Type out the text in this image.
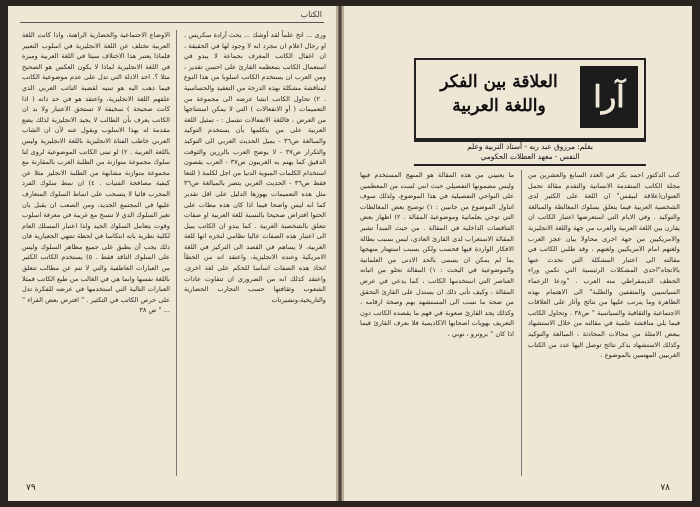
الكتاب

ورى ... اتخ علماً لقد أوشك ... بحث أرادة سكريس . او رجال اعلام ان مجرد انه لا وجود لها في الحقيقة ، ان اغفال الكاتب المعرف بجماعة لا يبدو في استعمال الكاتب بمعظمه القارئ على احسن تقدير ، ومن العرب ان يستخدم الكاتب اسلوبا من هذا النوع لمناقشة مشكلة بهذه الدرجة من التعقيد والحساسية . ٢) تحاول الكاتب انشا عرضه الى مجموعة من التعميمات ( أو الانفعالات ) التي لا يمكن استنتاجها من العرض ، فاللغة الانفعالات تشمل : - تمثيل اللغة العربية على من يتكلمها بأن يستخدم التوكيد والمبالغة ص٣٦ - يميل الحديث العربي الى التوكيد والتكرار ص٣٧ - لا يوضح العرب بالرزين والثوقت الدقيق كما يهتم به الغربيون ص٣٧ - العرب يقصون استخدام الكلمات المبوية الدنيا من اجل لكلمة ( للتعا فقط ص٣٦ - الحديث العربي يتصر بالمبالغة ص٣٦ مثل هذه التعميمات يهوزها الدليل على اقل تقدير كما انه ليس واضحا فيما اذا كان هذه مطات على الحتوا افتراض صحيحا بالنسبة للغة العربية او صفات تتعلق بالشخصية العربية . كما يبدو ان الكاتب يبيل الى اعتبار هذه الصفات عاليا نظامي لنخزه اتها للغة العربية، لا يساهم في القصد الى التركيز في اللغة الامريكية وعنده الانجليزية، واعتقد انه من الخطأ اتخاذ هذه الصفات اساسا للحكم على لغة اخرى، واعتقد كذلك انه من الضروري ان تتفاوت عادات الشعوب وثقافتها حسب التجارب الحضارية والتاريخية،وتشيرنات

الاوضاع الاجتماعية والحضارية الراهنة، واذا كانت اللغة العربية تختلف عن اللغة الانجليزية في اسلوب التعبير فلماذا يعتبر هذا الاختلاف سيئا في اللغة العربية وميزة في اللغة الانجليزية لماذا لا يكون العكس هو الصحيح مثلا ؟. احد الادلة التي تدل على عدم موضوعية الكاتب فيما ذهب اليه هو تبنيه لقضية النائب العربي الذي علقهم اللغة الانجليزية، واعتقد هو في حد ذاته ( اذا كانت صحيحة ) سخيفة لا تستحق الاعتبار ولا بد ان الكاتب يعرف بأن الطالب لا يجيد الانجليزية لذلك يضع مقدمة له بهذا الاسلوب ويقول عنه لأن ان الشاب العربي خاطب الفتاة الانجليزية باللغة الانجليزية وليس باللغة العربية . ٢) لو تبنى الكاتب الموضوعية لروى لنا سلوك مجموعة متوازنة من الطلبة العرب بالمقارنة مع مجموعة متوازنة مشابهة من الطلبة الانجليز مثلا عن كيفية مصافحة الفتيات . ٤) ان نمط سلوك الفرد المجرب قائيا لا ينسحب على انماط السلوك المتعارف عليها في المجتمع الجديد، ومن الصعب ان يقبل بان تغير السلوك الدي لا تنسخ مع غريبة في معرفة اسلوب وقوت يتعامل السلوك الجيد ولذا اعتبار المسلك العام لكلية نظرية بانه انتكاسا في لحظة تنتهي الجعيارية فان دلك يجب أن يطبق على جميع مظاهر السلوك وليس على السلوك الناقد فقط . ٥) يستخدم الكاتب الكثير من العبارات العاطفية والتي لا تتم عن مطالب تتعلق باللغة نفسها وانما هي في الغالب من طبع الكاتب فمثلا العبارات التالية التي استخدمها في عرضه للفكرة تدل على حرص الكاتب في التكثير . " افترض بعض القراء " ... " ص ٣٨

٧٩
آرا
العلاقة بين الفكر واللغة العربية
بقلم: مرزوق عبد ربه - أستاذ التربية وعلم
النفس - معهد العطلات الحكومي

كتب الدكتور احمد بكر في العدد السابع والعشرين من مجلة الكاتب المتقدمة الانسانية والتقدم مقالة تحمل العنوان(علاقة لبيقس" ان اللغة على الكثير لدى الشخصية العربية فيما يتعلق بسلوك المعالطة والمبالغة والتوكيد . وفي الايام التي استعرضها اعتبار الكاتب ان يقارن بين اللغة العربية والعرب من جهة واللغة الانجليزية والامريكيين من جهة اخرى محاولا بيان عجز العرب ولغتهم امام الامريكيين ولغتهم ، وقد طلبي الكاتب في مقالته الى اعتبار المشكلة التي تحدث عنها بالاتجاه"احدى المشكلات الرئيسية التي تكمن وراء الحطف الديمقراطي منه العرب . "ودعا الزعماء السياسيين والمثقفين والطلبة" الى الاهتمام بهذه الظاهرة وما يترتب عليها من نتائج وآثار على العلاقات الاجتماعية والثقافية والسياسية " ص٣٨ . وتحاول الكاتب فيما يلي مناقشة علمية في مقالته من خلال الاستشهاد ببعض الامثلة من مجالات المحادثة ، المبالغة والتوكيد وكذلك الاستشهاد بذكر نتائج توصل اليها عدد من الكتاب الغربيين المهتمين بالموضوع .

ما يعنيني من هذه المقالة هو المنهج المستخدم فيها وليس مضمونها التفصيلي حيث انني لست من المعظمين على النواحي التفصيلية في هذا الموضوع، ولذلك سوف اتناول الموضوع من جانبين : ١) توضيح بعض المغالطات التي توحي بعلمانية وموضوعية المقالة . ٢) اظهار بعض التناقضات الداخلية في المقالة . من حيث المبدأ تشير المقالة الاستغراب لدى القارئ العادي، ليس بسبب بطالة الافكار الواردة فيها فحسب ولكن بسبب استهتار منهجها بما لم يمكن ان يسمى بالحد الادنى من العلمانية والموضوعية في البحث : ١) المقالة تحلو من اثباته العناصر التي استخدمها الكاتب ، كما يدعي في عرض المقالة ، وكيف تأتى ذلك ان يستدل على القارئ التحقق من صحة ما نسب الى المستشهد بهم وصحة ارقامه ، وكذلك يجد القارئ صعوبة في فهم ما يقصده الكاتب دون التعريف بهويات اصحابها الاكاديمية فلا بعرف القارئ فيما اذا كان " بروترو ، نوبي ،

٧٨
